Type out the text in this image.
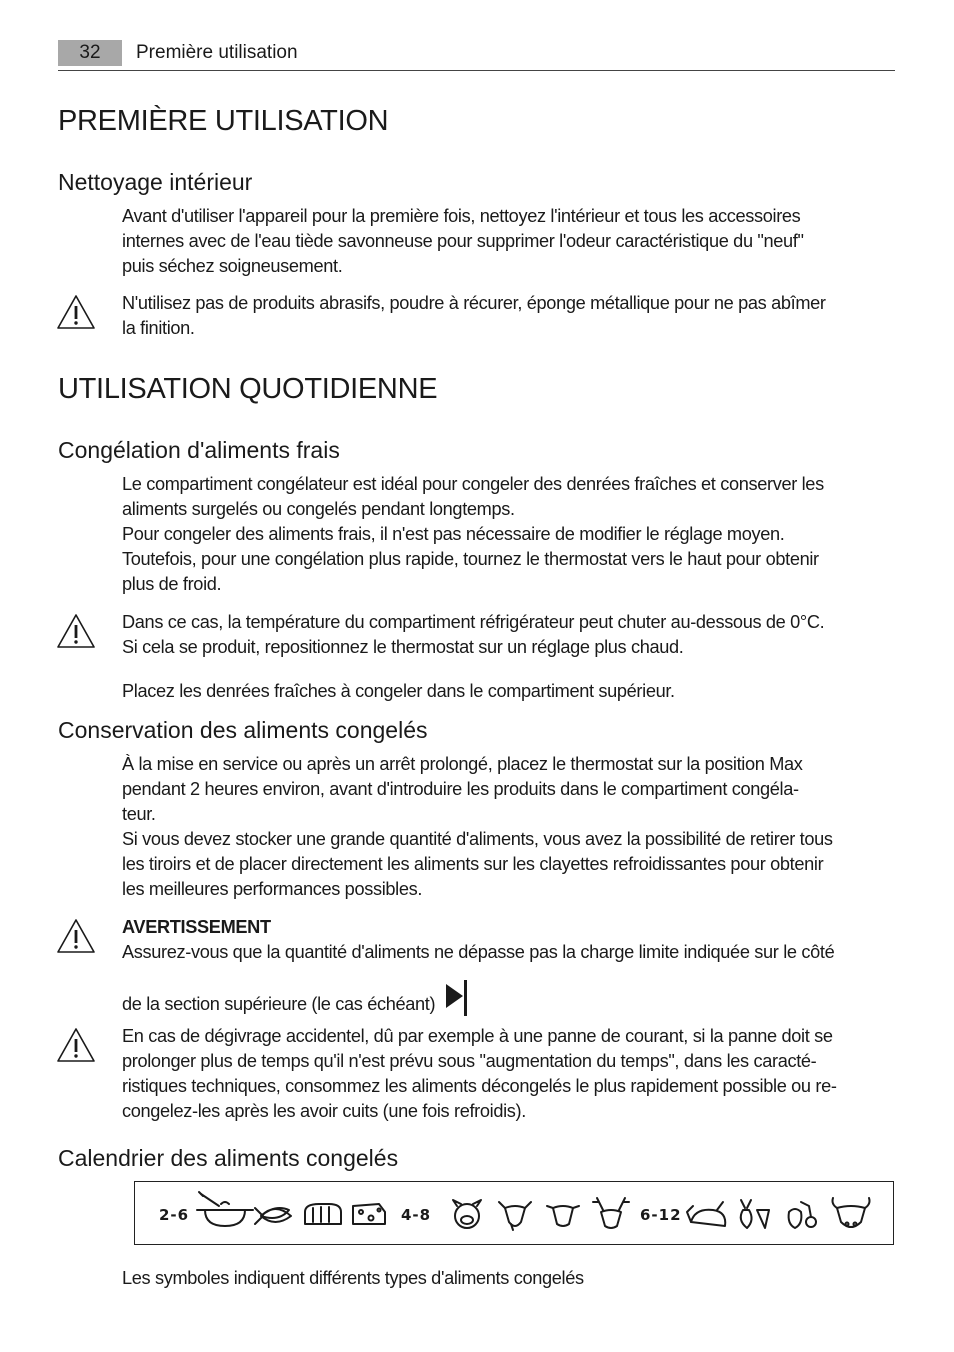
32	Première utilisation
PREMIÈRE UTILISATION
Nettoyage intérieur
Avant d'utiliser l'appareil pour la première fois, nettoyez l'intérieur et tous les accessoires
internes avec de l'eau tiède savonneuse pour supprimer l'odeur caractéristique du "neuf"
puis séchez soigneusement.
N'utilisez pas de produits abrasifs, poudre à récurer, éponge métallique pour ne pas abîmer
la finition.
UTILISATION QUOTIDIENNE
Congélation d'aliments frais
Le compartiment congélateur est idéal pour congeler des denrées fraîches et conserver les
aliments surgelés ou congelés pendant longtemps.
Pour congeler des aliments frais, il n'est pas nécessaire de modifier le réglage moyen.
Toutefois, pour une congélation plus rapide, tournez le thermostat vers le haut pour obtenir
plus de froid.
Dans ce cas, la température du compartiment réfrigérateur peut chuter au-dessous de 0°C.
Si cela se produit, repositionnez le thermostat sur un réglage plus chaud.
Placez les denrées fraîches à congeler dans le compartiment supérieur.
Conservation des aliments congelés
À la mise en service ou après un arrêt prolongé, placez le thermostat sur la position Max
pendant 2 heures environ, avant d'introduire les produits dans le compartiment congéla-
teur.
Si vous devez stocker une grande quantité d'aliments, vous avez la possibilité de retirer tous
les tiroirs et de placer directement les aliments sur les clayettes refroidissantes pour obtenir
les meilleures performances possibles.
AVERTISSEMENT
Assurez-vous que la quantité d'aliments ne dépasse pas la charge limite indiquée sur le côté
de la section supérieure (le cas échéant)
En cas de dégivrage accidentel, dû par exemple à une panne de courant, si la panne doit se
prolonger plus de temps qu'il n'est prévu sous "augmentation du temps", dans les caracté-
ristiques techniques, consommez les aliments décongelés le plus rapidement possible ou re-
congelez-les après les avoir cuits (une fois refroidis).
Calendrier des aliments congelés
2-6	4-8	6-12
Les symboles indiquent différents types d'aliments congelés
